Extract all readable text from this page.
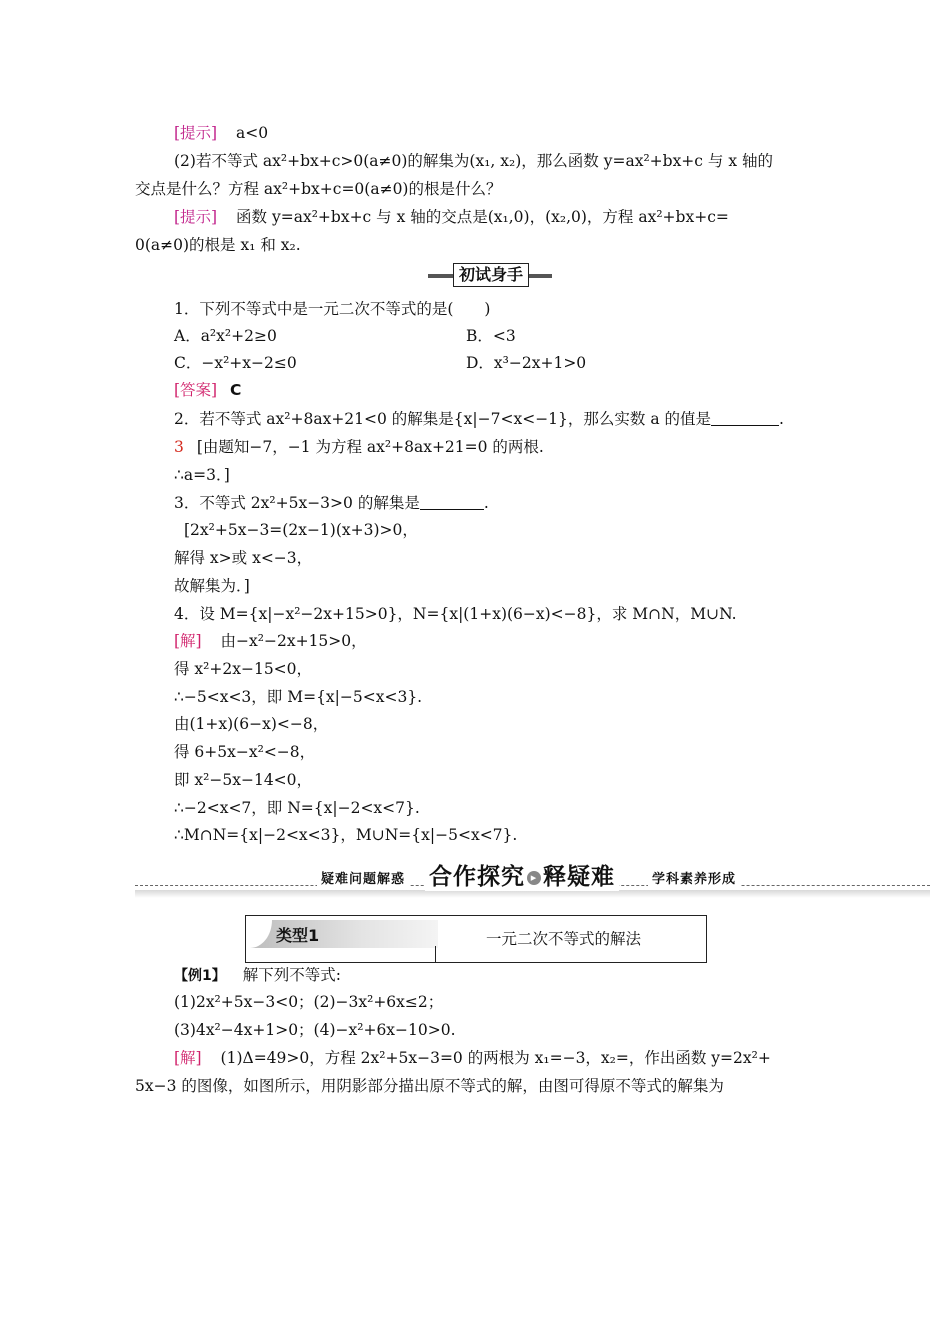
[提示] a<0
(2)若不等式 ax²+bx+c>0(a≠0)的解集为(x₁, x₂)，那么函数 y=ax²+bx+c 与 x 轴的
交点是什么？方程 ax²+bx+c=0(a≠0)的根是什么？
[提示] 函数 y=ax²+bx+c 与 x 轴的交点是(x₁,0)，(x₂,0)，方程 ax²+bx+c=
0(a≠0)的根是 x₁ 和 x₂.
初试身手
1．下列不等式中是一元二次不等式的是(　　)
A．a²x²+2≥0	B．<3
C．−x²+x−2≤0	D．x³−2x+1>0
[答案] C
2．若不等式 ax²+8ax+21<0 的解集是{x|−7<x<−1}，那么实数 a 的值是	.
3 [由题知−7，−1 为方程 ax²+8ax+21=0 的两根.
∴a=3．]
3．不等式 2x²+5x−3>0 的解集是	.
[2x²+5x−3=(2x−1)(x+3)>0，
解得 x>或 x<−3，
故解集为．]
4．设 M={x|−x²−2x+15>0}，N={x|(1+x)(6−x)<−8}，求 M∩N，M∪N.
[解] 由−x²−2x+15>0，
得 x²+2x−15<0，
∴−5<x<3，即 M={x|−5<x<3}.
由(1+x)(6−x)<−8，
得 6+5x−x²<−8，
即 x²−5x−14<0，
∴−2<x<7，即 N={x|−2<x<7}.
∴M∩N={x|−2<x<3}，M∪N={x|−5<x<7}.
疑难问题解惑 合作探究 ▸ 释疑难	学科素养形成
类型1	一元二次不等式的解法
【例1】 解下列不等式:
(1)2x²+5x−3<0；(2)−3x²+6x≤2；
(3)4x²−4x+1>0；(4)−x²+6x−10>0.
[解] (1)Δ=49>0，方程 2x²+5x−3=0 的两根为 x₁=−3，x₂=，作出函数 y=2x²+
5x−3 的图像，如图所示，用阴影部分描出原不等式的解，由图可得原不等式的解集为
